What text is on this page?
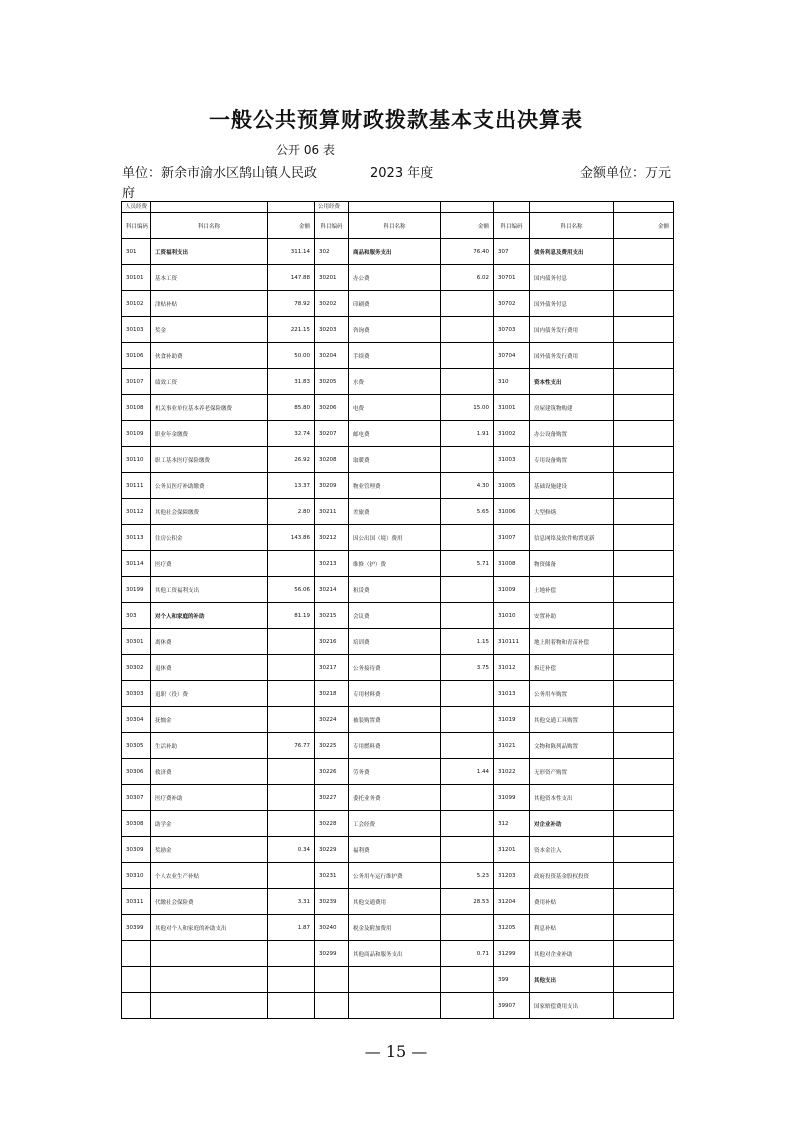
一般公共预算财政拨款基本支出决算表
公开 06 表
单位：新余市渝水区鹄山镇人民政
府
2023 年度	金额单位：万元
人员经费			公用经费					
科目编码	科目名称	金额	科目编码	科目名称	金额	科目编码	科目名称	金额
301	工资福利支出	311.14	302	商品和服务支出	76.40	307	债务利息及费用支出	
30101	基本工资	147.88	30201	办公费	6.02	30701	国内债务付息	
30102	津贴补贴	78.92	30202	印刷费		30702	国外债务付息	
30103	奖金	221.15	30203	咨询费		30703	国内债务发行费用	
30106	伙食补助费	50.00	30204	手续费		30704	国外债务发行费用	
30107	绩效工资	31.83	30205	水费		310	资本性支出	
30108	机关事业单位基本养老保险缴费	85.80	30206	电费	15.00	31001	房屋建筑物购建	
30109	职业年金缴费	32.74	30207	邮电费	1.91	31002	办公设备购置	
30110	职工基本医疗保险缴费	26.92	30208	取暖费		31003	专用设备购置	
30111	公务员医疗补助缴费	13.37	30209	物业管理费	4.30	31005	基础设施建设	
30112	其他社会保障缴费	2.80	30211	差旅费	5.65	31006	大型修缮	
30113	住房公积金	143.86	30212	因公出国（境）费用		31007	信息网络及软件购置更新	
30114	医疗费		30213	维修（护）费	5.71	31008	物资储备	
30199	其他工资福利支出	56.06	30214	租赁费		31009	土地补偿	
303	对个人和家庭的补助	81.19	30215	会议费		31010	安置补助	
30301	离休费		30216	培训费	1.15	310111	地上附着物和青苗补偿	
30302	退休费		30217	公务接待费	3.75	31012	拆迁补偿	
30303	退职（役）费		30218	专用材料费		31013	公务用车购置	
30304	抚恤金		30224	被装购置费		31019	其他交通工具购置	
30305	生活补助	76.77	30225	专用燃料费		31021	文物和陈列品购置	
30306	救济费		30226	劳务费	1.44	31022	无形资产购置	
30307	医疗费补助		30227	委托业务费		31099	其他资本性支出	
30308	助学金		30228	工会经费		312	对企业补助	
30309	奖励金	0.34	30229	福利费		31201	资本金注入	
30310	个人农业生产补贴		30231	公务用车运行维护费	5.23	31203	政府投资基金股权投资	
30311	代缴社会保险费	3.31	30239	其他交通费用	28.53	31204	费用补贴	
30399	其他对个人和家庭的补助支出	1.87	30240	税金及附加费用		31205	利息补贴	
			30299	其他商品和服务支出	0.71	31299	其他对企业补助	
						399	其他支出	
						39907	国家赔偿费用支出	
— 15 —
